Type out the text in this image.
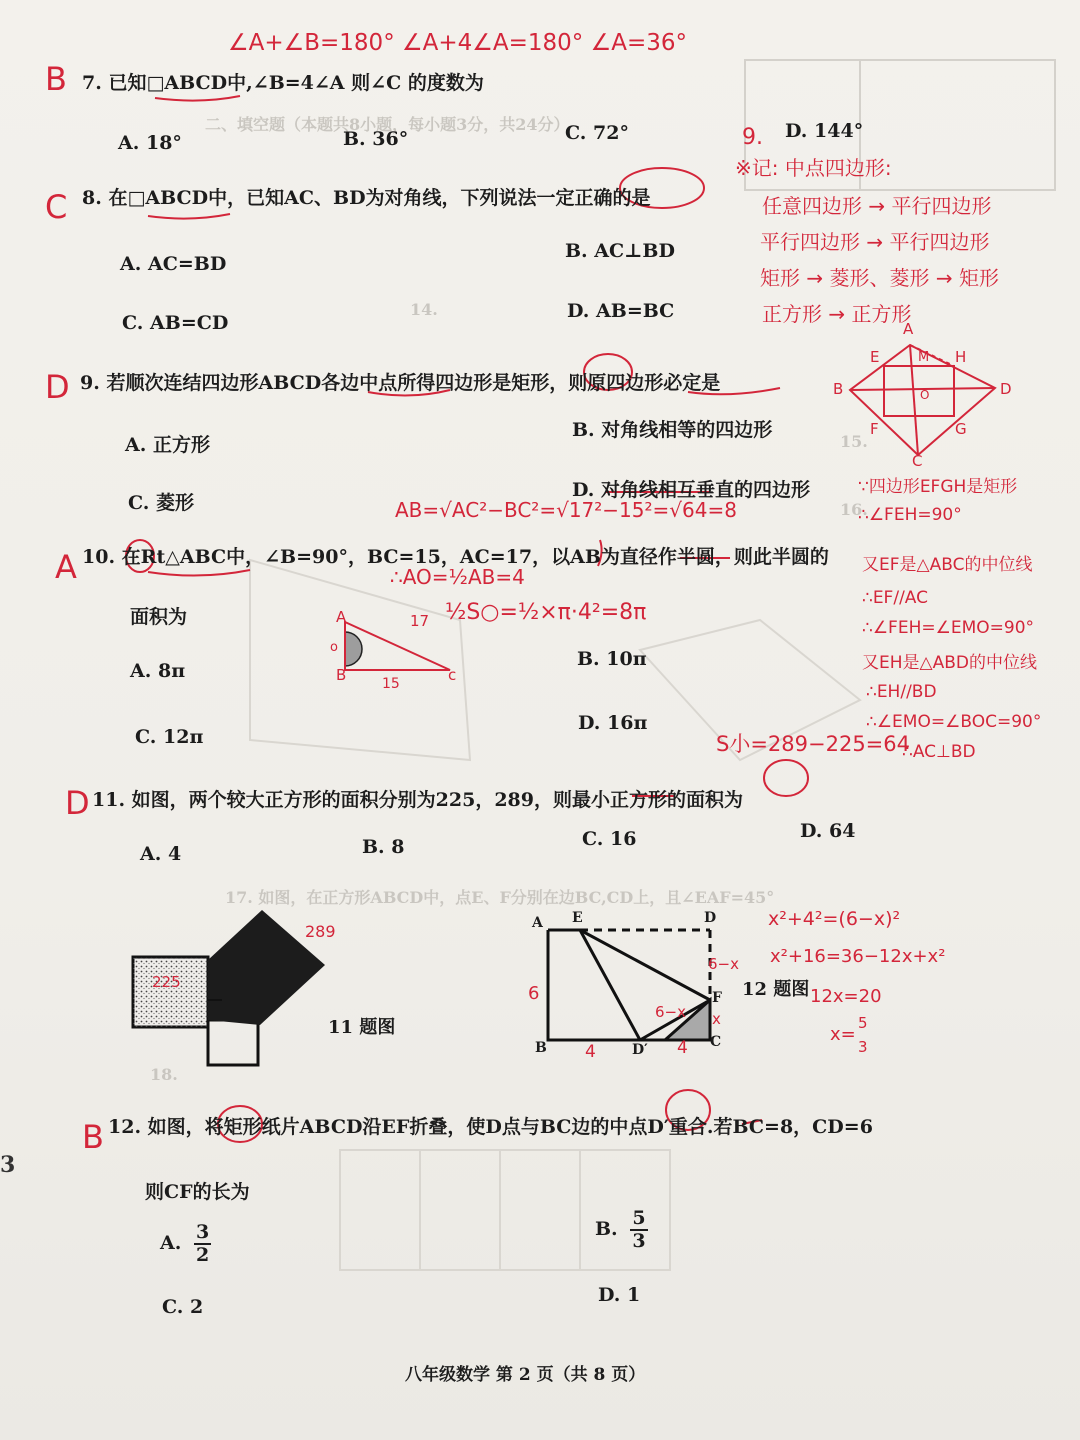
二、填空题（本题共8小题，每小题3分，共24分）
14.
15.
16.
17. 如图，在正方形ABCD中，点E、F分别在边BC,CD上，且∠EAF=45°
18.
∠A+∠B=180° ∠A+4∠A=180° ∠A=36°
B 7. 已知□ABCD中,∠B=4∠A 则∠C 的度数为
A. 18°	B. 36°	C. 72°	D. 144°
C 8. 在□ABCD中，已知AC、BD为对角线，下列说法一定正确的是
A. AC=BD
B. AC⊥BD
C. AB=CD
D. AB=BC
9.
※记: 中点四边形:
任意四边形 → 平行四边形
平行四边形 → 平行四边形
矩形 → 菱形、菱形 → 矩形
正方形 → 正方形
A
E	M H
B	O	D
F	G
C
D 9. 若顺次连结四边形ABCD各边中点所得四边形是矩形，则原四边形必定是
A. 正方形
B. 对角线相等的四边形
C. 菱形
D. 对角线相互垂直的四边形	∵四边形EFGH是矩形
∴∠FEH=90°
又EF是△ABC的中位线
∴EF//AC
∴∠FEH=∠EMO=90°
又EH是△ABD的中位线
∴EH//BD
∴∠EMO=∠BOC=90°
∴AC⊥BD
AB=√AC²−BC²=√17²−15²=√64=8
A 10. 在Rt△ABC中，∠B=90°，BC=15，AC=17，以AB为直径作半圆，则此半圆的
面积为
∴AO=½AB=4
½S○=½×π·4²=8π
A
o
B	c
17
15
A. 8π
B. 10π
C. 12π
D. 16π
S小=289−225=64
D 11. 如图，两个较大正方形的面积分别为225，289，则最小正方形的面积为
A. 4	B. 8	C. 16	D. 64
289
225
11 题图
A E	D
F
B	D′	C
6
6−x
6−x x
4	4
12 题图
x²+4²=(6−x)²
x²+16=36−12x+x²
12x=20
x=
5
3
B 12. 如图，将矩形纸片ABCD沿EF折叠，使D点与BC边的中点D′重合.若BC=8，CD=6
则CF的长为
A. $\frac{3}{2}$	B. $\frac{5}{3}$
C. 2
D. 1
3
八年级数学 第 2 页（共 8 页）
